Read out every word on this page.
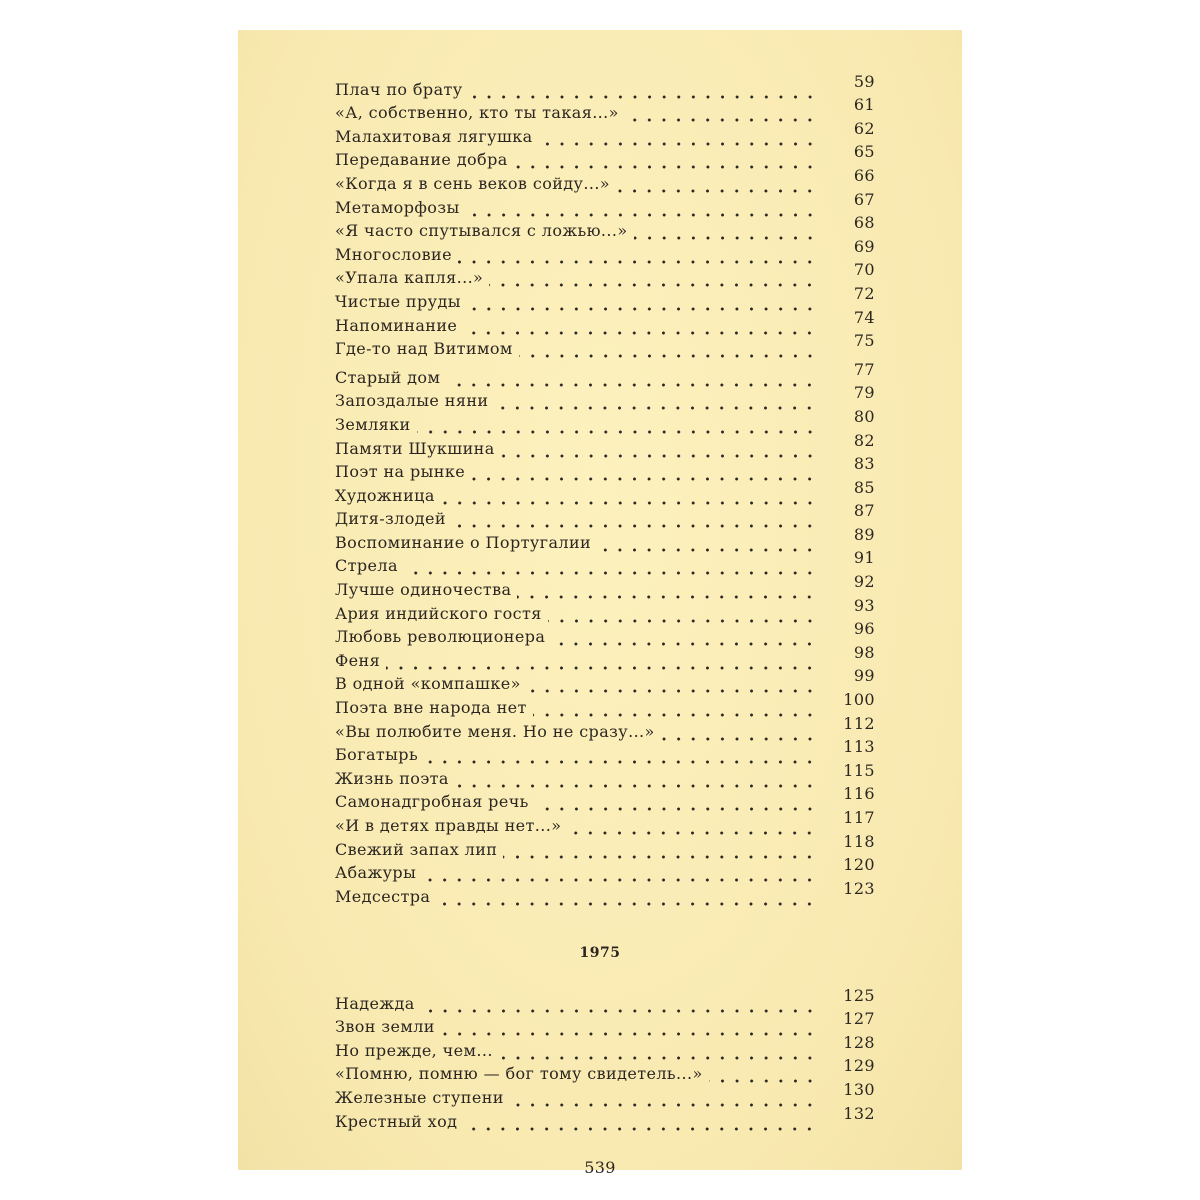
Плач по брату	59
«А, собственно, кто ты такая...»	61
Малахитовая лягушка	62
Передавание добра	65
«Когда я в сень веков сойду...»	66
Метаморфозы	67
«Я часто спутывался с ложью...»	68
Многословие	69
«Упала капля...»	70
Чистые пруды	72
Напоминание	74
Где-то над Витимом	75
Старый дом	77
Запоздалые няни	79
Земляки	80
Памяти Шукшина	82
Поэт на рынке	83
Художница	85
Дитя-злодей	87
Воспоминание о Португалии	89
Стрела	91
Лучше одиночества	92
Ария индийского гостя	93
Любовь революционера	96
Феня	98
В одной «компашке»	99
Поэта вне народа нет	100
«Вы полюбите меня. Но не сразу...»	112
Богатырь	113
Жизнь поэта	115
Самонадгробная речь	116
«И в детях правды нет...»	117
Свежий запах лип	118
Абажуры	120
Медсестра	123
1975
Надежда	125
Звон земли	127
Но прежде, чем...	128
«Помню, помню — бог тому свидетель...»	129
Железные ступени	130
Крестный ход	132
539
